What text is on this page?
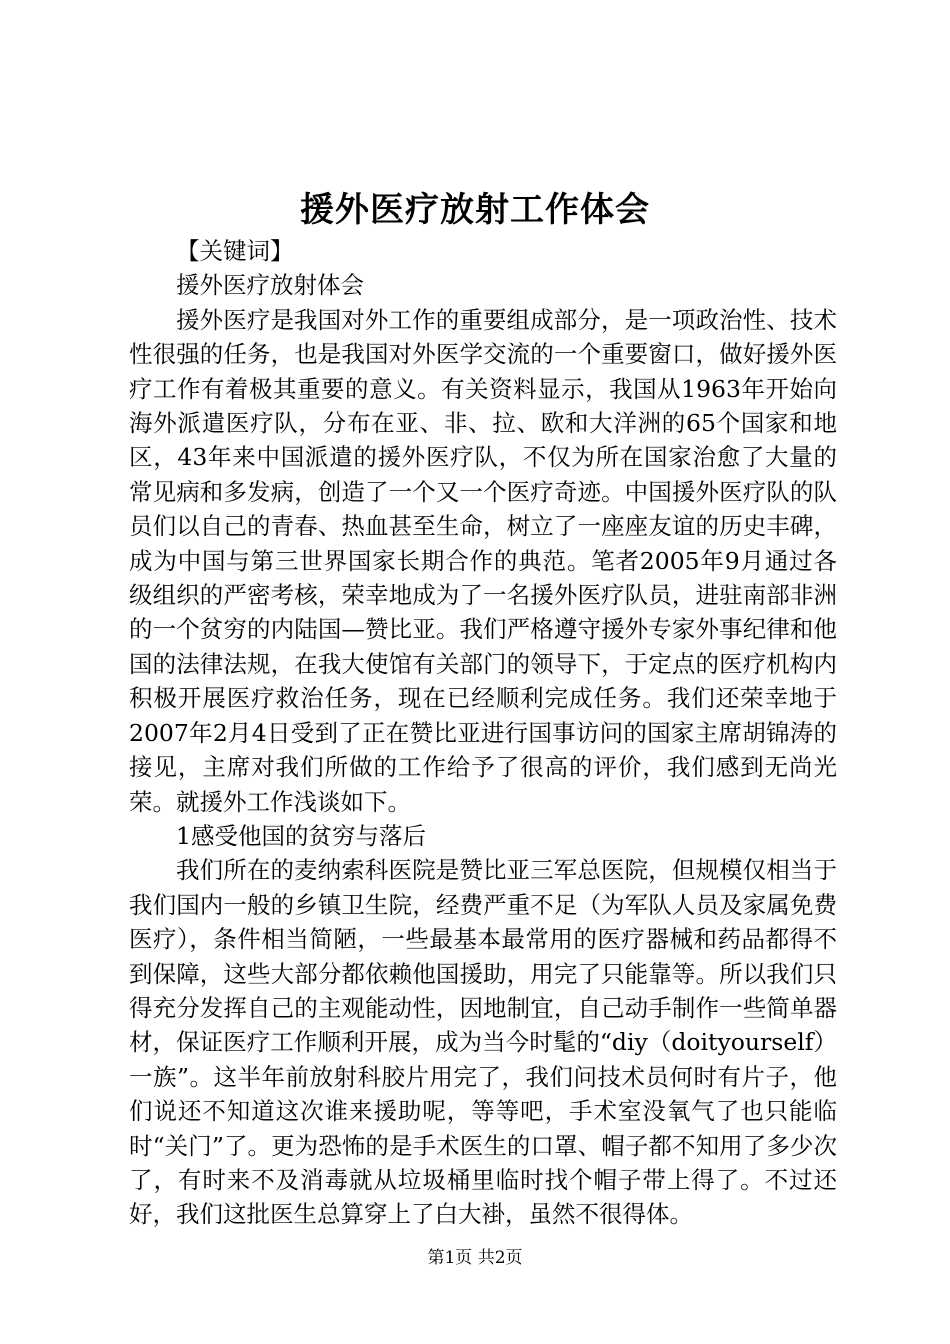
援外医疗放射工作体会

【关键词】

援外医疗放射体会

援外医疗是我国对外工作的重要组成部分，是一项政治性、技术性很强的任务，也是我国对外医学交流的一个重要窗口，做好援外医疗工作有着极其重要的意义。有关资料显示，我国从1963年开始向海外派遣医疗队，分布在亚、非、拉、欧和大洋洲的65个国家和地区，43年来中国派遣的援外医疗队，不仅为所在国家治愈了大量的常见病和多发病，创造了一个又一个医疗奇迹。中国援外医疗队的队员们以自己的青春、热血甚至生命，树立了一座座友谊的历史丰碑，成为中国与第三世界国家长期合作的典范。笔者2005年9月通过各级组织的严密考核，荣幸地成为了一名援外医疗队员，进驻南部非洲的一个贫穷的内陆国—赞比亚。我们严格遵守援外专家外事纪律和他国的法律法规，在我大使馆有关部门的领导下，于定点的医疗机构内积极开展医疗救治任务，现在已经顺利完成任务。我们还荣幸地于2007年2月4日受到了正在赞比亚进行国事访问的国家主席胡锦涛的接见，主席对我们所做的工作给予了很高的评价，我们感到无尚光荣。就援外工作浅谈如下。

1感受他国的贫穷与落后

我们所在的麦纳索科医院是赞比亚三军总医院，但规模仅相当于我们国内一般的乡镇卫生院，经费严重不足（为军队人员及家属免费医疗），条件相当简陋，一些最基本最常用的医疗器械和药品都得不到保障，这些大部分都依赖他国援助，用完了只能靠等。所以我们只得充分发挥自己的主观能动性，因地制宜，自己动手制作一些简单器材，保证医疗工作顺利开展，成为当今时髦的“diy（doityourself）一族”。这半年前放射科胶片用完了，我们问技术员何时有片子，他们说还不知道这次谁来援助呢，等等吧，手术室没氧气了也只能临时“关门”了。更为恐怖的是手术医生的口罩、帽子都不知用了多少次了，有时来不及消毒就从垃圾桶里临时找个帽子带上得了。不过还好，我们这批医生总算穿上了白大褂，虽然不很得体。

第1页 共2页
